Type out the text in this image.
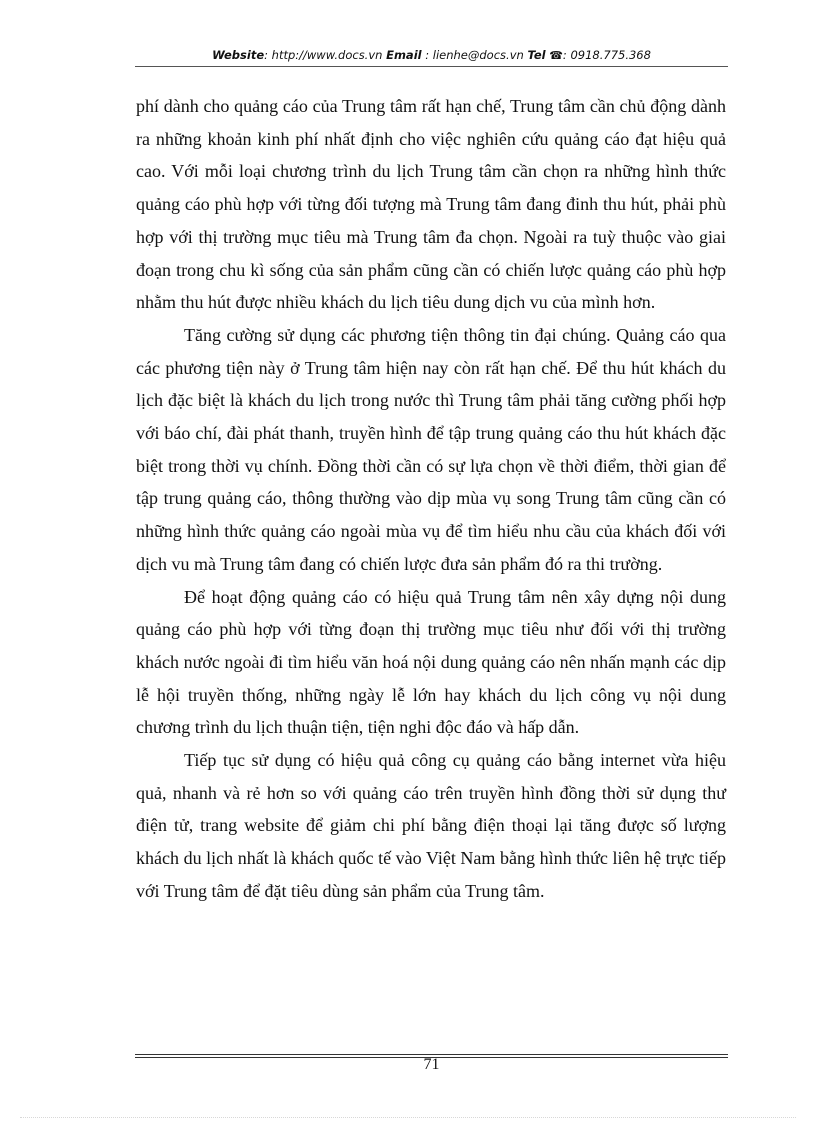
Website: http://www.docs.vn Email : lienhe@docs.vn Tel ☎: 0918.775.368

phí dành cho quảng cáo của Trung tâm rất hạn chế, Trung tâm cần chủ động dành ra những khoản kinh phí nhất định cho việc nghiên cứu quảng cáo đạt hiệu quả cao. Với mỗi loại chương trình du lịch Trung tâm cần chọn ra những hình thức quảng cáo phù hợp với từng đối tượng mà Trung tâm đang đinh thu hút, phải phù hợp với thị trường mục tiêu mà Trung tâm đa chọn. Ngoài ra tuỳ thuộc vào giai đoạn trong chu kì sống của sản phẩm cũng cần có chiến lược quảng cáo phù hợp nhằm thu hút được nhiều khách du lịch tiêu dung dịch vu của mình hơn.

Tăng cường sử dụng các phương tiện thông tin đại chúng. Quảng cáo qua các phương tiện này ở Trung tâm hiện nay còn rất hạn chế. Để thu hút khách du lịch đặc biệt là khách du lịch trong nước thì Trung tâm phải tăng cường phối hợp với báo chí, đài phát thanh, truyền hình để tập trung quảng cáo thu hút khách đặc biệt trong thời vụ chính. Đồng thời cần có sự lựa chọn về thời điểm, thời gian để tập trung quảng cáo, thông thường vào dịp mùa vụ song Trung tâm cũng cần có những hình thức quảng cáo ngoài mùa vụ để tìm hiểu nhu cầu của khách đối với dịch vu mà Trung tâm đang có chiến lược đưa sản phẩm đó ra thi trường.

Để hoạt động quảng cáo có hiệu quả Trung tâm nên xây dựng nội dung quảng cáo phù hợp với từng đoạn thị trường mục tiêu như đối với thị trường khách nước ngoài đi tìm hiểu văn hoá nội dung quảng cáo nên nhấn mạnh các dịp lễ hội truyền thống, những ngày lễ lớn hay khách du lịch công vụ nội dung chương trình du lịch thuận tiện, tiện nghi độc đáo và hấp dẫn.

Tiếp tục sử dụng có hiệu quả công cụ quảng cáo bằng internet vừa hiệu quả, nhanh và rẻ hơn so với quảng cáo trên truyền hình đồng thời sử dụng thư điện tử, trang website để giảm chi phí bằng điện thoại lại tăng được số lượng khách du lịch nhất là khách quốc tế vào Việt Nam bằng hình thức liên hệ trực tiếp với Trung tâm để đặt tiêu dùng sản phẩm của Trung tâm.

71
